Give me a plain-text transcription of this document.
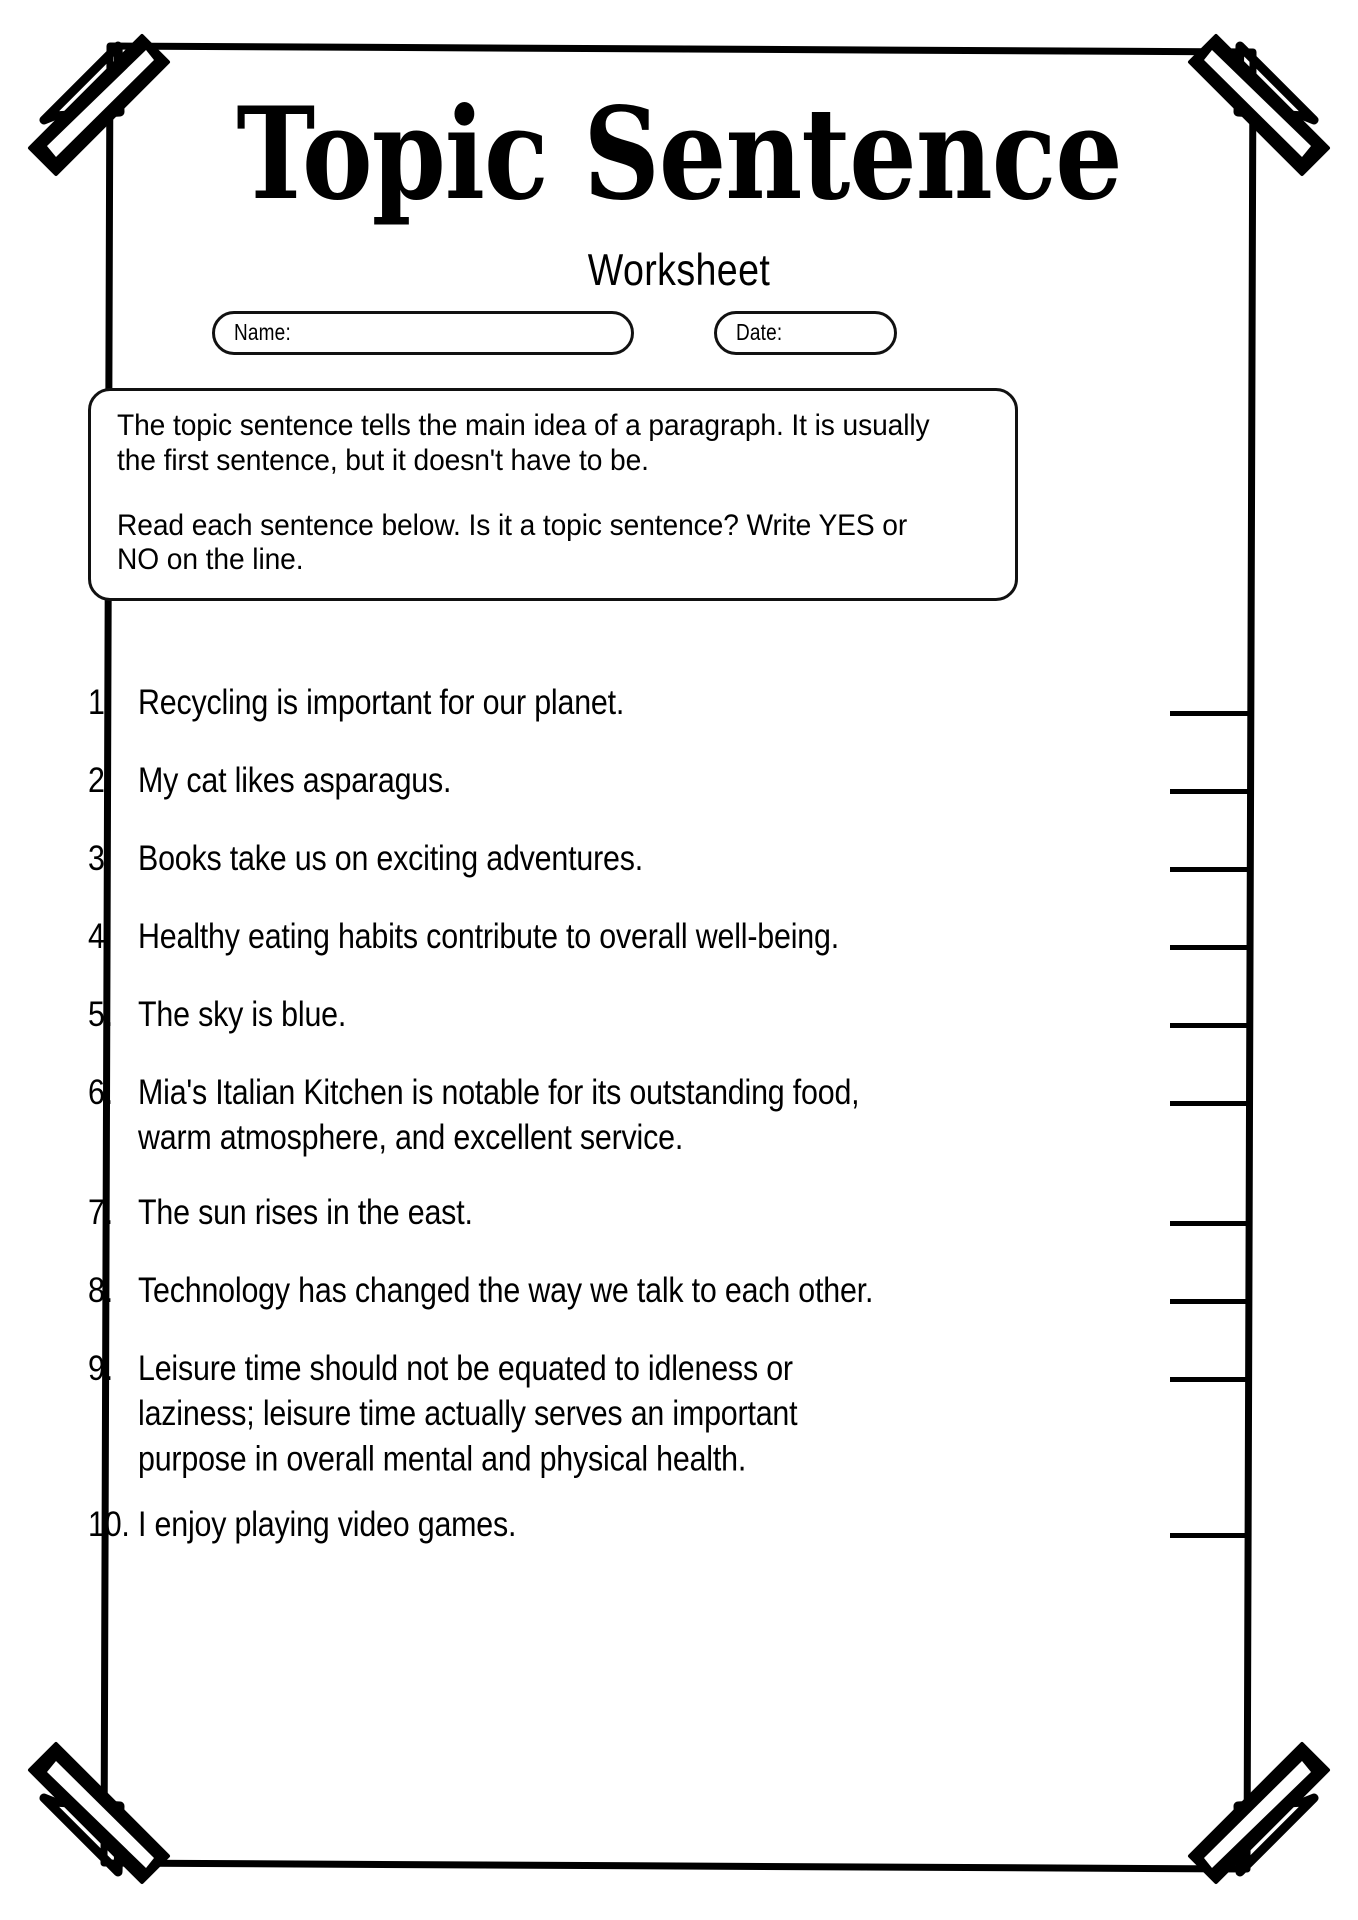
Topic Sentence
Worksheet
Name:	Date:

The topic sentence tells the main idea of a paragraph. It is usually the first sentence, but it doesn't have to be.

Read each sentence below. Is it a topic sentence? Write YES or NO on the line.

1. Recycling is important for our planet.
2. My cat likes asparagus.
3. Books take us on exciting adventures.
4. Healthy eating habits contribute to overall well-being.
5. The sky is blue.
6. Mia's Italian Kitchen is notable for its outstanding food, warm atmosphere, and excellent service.
7. The sun rises in the east.
8. Technology has changed the way we talk to each other.
9. Leisure time should not be equated to idleness or laziness; leisure time actually serves an important purpose in overall mental and physical health.
10. I enjoy playing video games.
